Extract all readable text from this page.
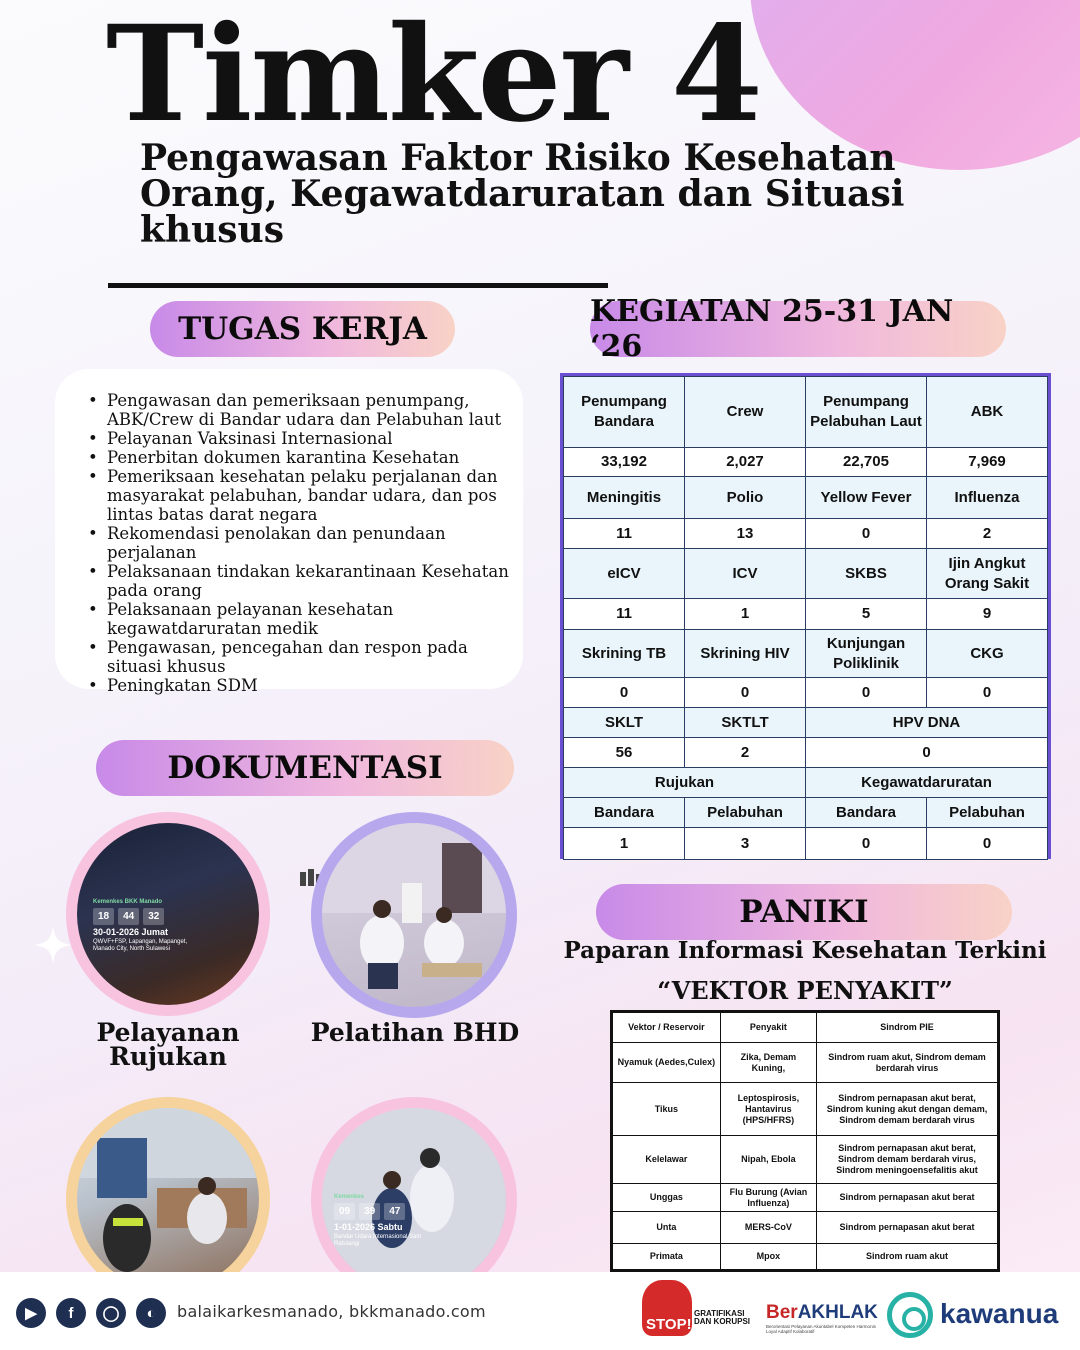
Timker 4
Pengawasan Faktor Risiko Kesehatan Orang, Kegawatdaruratan dan Situasi khusus
TUGAS KERJA	KEGIATAN 25-31 JAN ‘26
• Pengawasan dan pemeriksaan penumpang, ABK/Crew di Bandar udara dan Pelabuhan laut
• Pelayanan Vaksinasi Internasional
• Penerbitan dokumen karantina Kesehatan
• Pemeriksaan kesehatan pelaku perjalanan dan masyarakat pelabuhan, bandar udara, dan pos lintas batas darat negara
• Rekomendasi penolakan dan penundaan perjalanan
• Pelaksanaan tindakan kekarantinaan Kesehatan pada orang
• Pelaksanaan pelayanan kesehatan kegawatdaruratan medik
• Pengawasan, pencegahan dan respon pada situasi khusus
• Peningkatan SDM
Penumpang Bandara	Crew	Penumpang Pelabuhan Laut	ABK
33,192	2,027	22,705	7,969
Meningitis	Polio	Yellow Fever	Influenza
11	13	0	2
eICV	ICV	SKBS	Ijin Angkut Orang Sakit
11	1	5	9
Skrining TB	Skrining HIV	Kunjungan Poliklinik	CKG
0	0	0	0
SKLT	SKTLT	HPV DNA	
56	2	0	
Rujukan		Kegawatdaruratan	
Bandara	Pelabuhan	Bandara	Pelabuhan
1	3	0	0
DOKUMENTASI
Kemenkes BKK Manado
18	44	32
30-01-2026 Jumat
QWVF+FSP, Lapangan, Mapanget, Manado City, North Sulawesi
Pelayanan Rujukan
Pelatihan BHD
Kemenkes
09	39	47
1-01-2026 Sabtu
Bandar Udara Internasional Sam Ratulangi
PANIKI
Paparan Informasi Kesehatan Terkini
“VEKTOR PENYAKIT”
Vektor / Reservoir	Penyakit	Sindrom PIE
Nyamuk (Aedes,Culex)	Zika, Demam Kuning,	Sindrom ruam akut, Sindrom demam berdarah virus
Tikus	Leptospirosis, Hantavirus (HPS/HFRS)	Sindrom pernapasan akut berat, Sindrom kuning akut dengan demam, Sindrom demam berdarah virus
Kelelawar	Nipah, Ebola	Sindrom pernapasan akut berat, Sindrom demam berdarah virus, Sindrom meningoensefalitis akut
Unggas	Flu Burung (Avian Influenza)	Sindrom pernapasan akut berat
Unta	MERS-CoV	Sindrom pernapasan akut berat
Primata	Mpox	Sindrom ruam akut
▶	f	◯	◐	balaikarkesmanado, bkkmanado.com
STOP!
GRATIFIKASI DAN KORUPSI BerAKHLAK
Berorientasi Pelayanan Akuntabel Kompeten Harmonis Loyal Adaptif Kolaboratif
kawanua
